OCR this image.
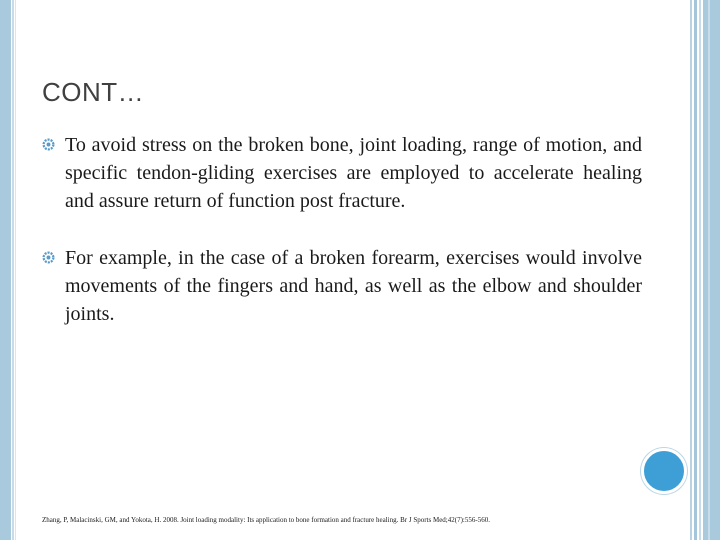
CONT…
To avoid stress on the broken bone, joint loading, range of motion, and specific tendon‐gliding exercises are employed to accelerate healing and assure return of function post fracture.
For example, in the case of a broken forearm, exercises would involve movements of the fingers and hand, as well as the elbow and shoulder joints.
Zhang, P, Malacinski, GM, and Yokota, H. 2008. Joint loading modality: Its application to bone formation and fracture healing. Br J Sports Med;42(7):556-560.
